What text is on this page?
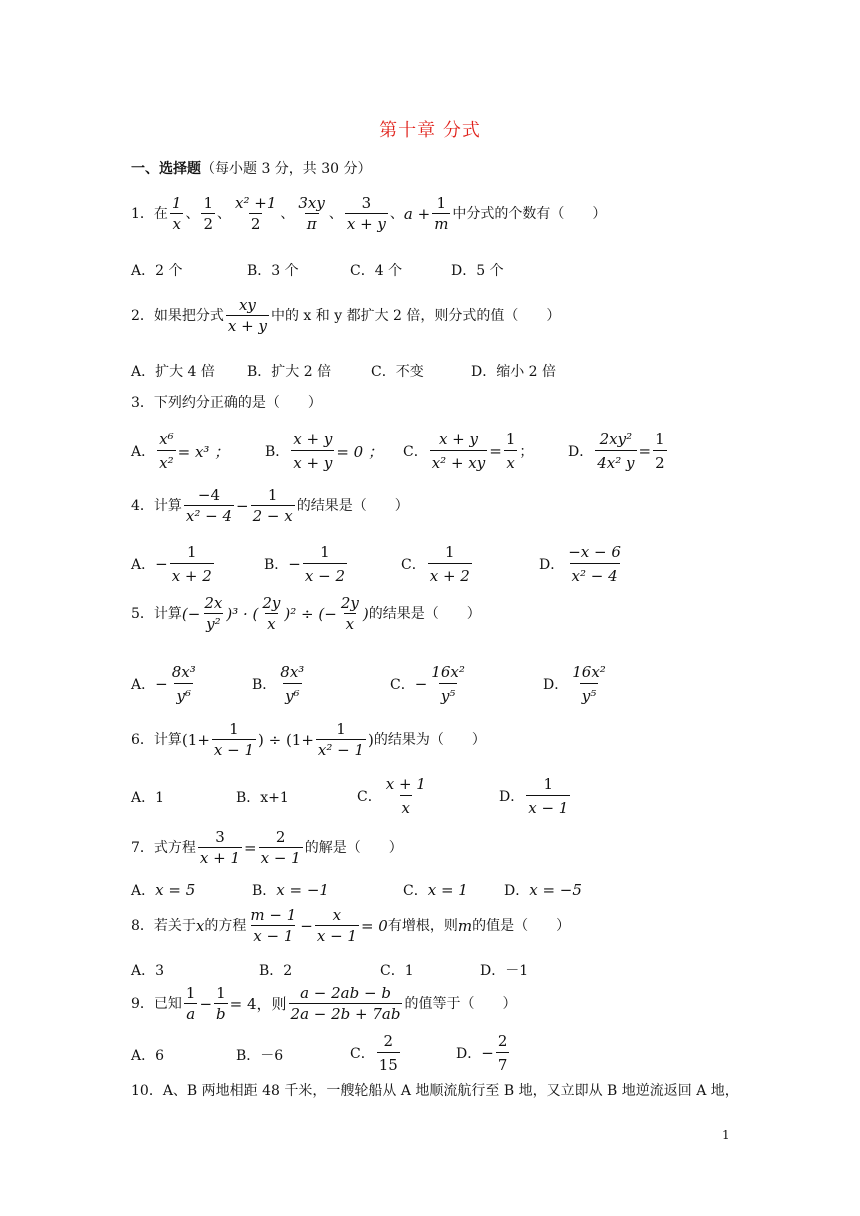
第十章 分式
一、选择题（每小题 3 分，共 30 分）
1．在 $\frac{1}{x}$ 、 $\frac{1}{2}$ 、 $\frac{\text{x² +1}}{2}$ 、 $\frac{3xy}{\pi}$ 、 $\frac{3}{x + y}$ 、 $a + \frac{1}{m}$ 中分式的个数有（　　）
A．2 个	B．3 个	C．4 个	D．5 个
2．如果把分式 $\frac{xy}{x + y}$ 中的 x 和 y 都扩大 2 倍，则分式的值（　　）
A．扩大 4 倍 B．扩大 2 倍	C．不变	D．缩小 2 倍
3．下列约分正确的是（　　）
A． $\frac{\text{x⁶}}{\text{x²}} = x^3$ ；	B． $\frac{x + y}{x + y} = 0$ ； C． $\frac{x + y}{\text{x² + xy}} = \frac{1}{x}$ ； D． $\frac{\text{2xy²}}{\text{4x² y}} = \frac{1}{2}$
4．计算 $\frac{-4}{\text{x² − 4}} - \frac{1}{2 - x}$ 的结果是（　　）
A． − $\frac{1}{x + 2}$	B． − $\frac{1}{x - 2}$	C． $\frac{1}{x + 2}$	D． $\frac{-x - 6}{\text{x² − 4}}$
5．计算 (− $\frac{2x}{\text{y²}} )^3$ · ( $\frac{2y}{x} )^2$ ÷ (− $\frac{2y}{x}$ ) 的结果是（　　）
A． − $\frac{\text{8x³}}{\text{y⁶}}$	B． $\frac{\text{8x³}}{\text{y⁶}}$	C． − $\frac{\text{16x²}}{\text{y⁵}}$	D． $\frac{\text{16x²}}{\text{y⁵}}$
6．计算 ($1+ \frac{1}{x - 1}$ ) ÷ ($1+ \frac{1}{\text{x² − 1}}$ ) 的结果为（　　）
A．1	B．x+1	C． $\frac{x + 1}{x}$	D． $\frac{1}{x - 1}$
7．式方程 $\frac{3}{x + 1} = \frac{2}{x - 1}$ 的解是（　　）
A． x = 5	B． x = −1	C． x = 1	D． x = −5
8．若关于 x 的方程 $\frac{m - 1}{x - 1} - \frac{x}{x - 1} = 0$ 有增根，则 m 的值是（　　）
A．3	B．2	C．1	D．－1
9．已知 $\frac{1}{a} - \frac{1}{b} = 4$，则 $\frac{a - 2ab - b}{2a - 2b + 7ab}$ 的值等于（　　）
A．6	B．－6	C． $\frac{2}{15}$	D． − $\frac{2}{7}$
10．A、B 两地相距 48 千米，一艘轮船从 A 地顺流航行至 B 地，又立即从 B 地逆流返回 A 地，
1
